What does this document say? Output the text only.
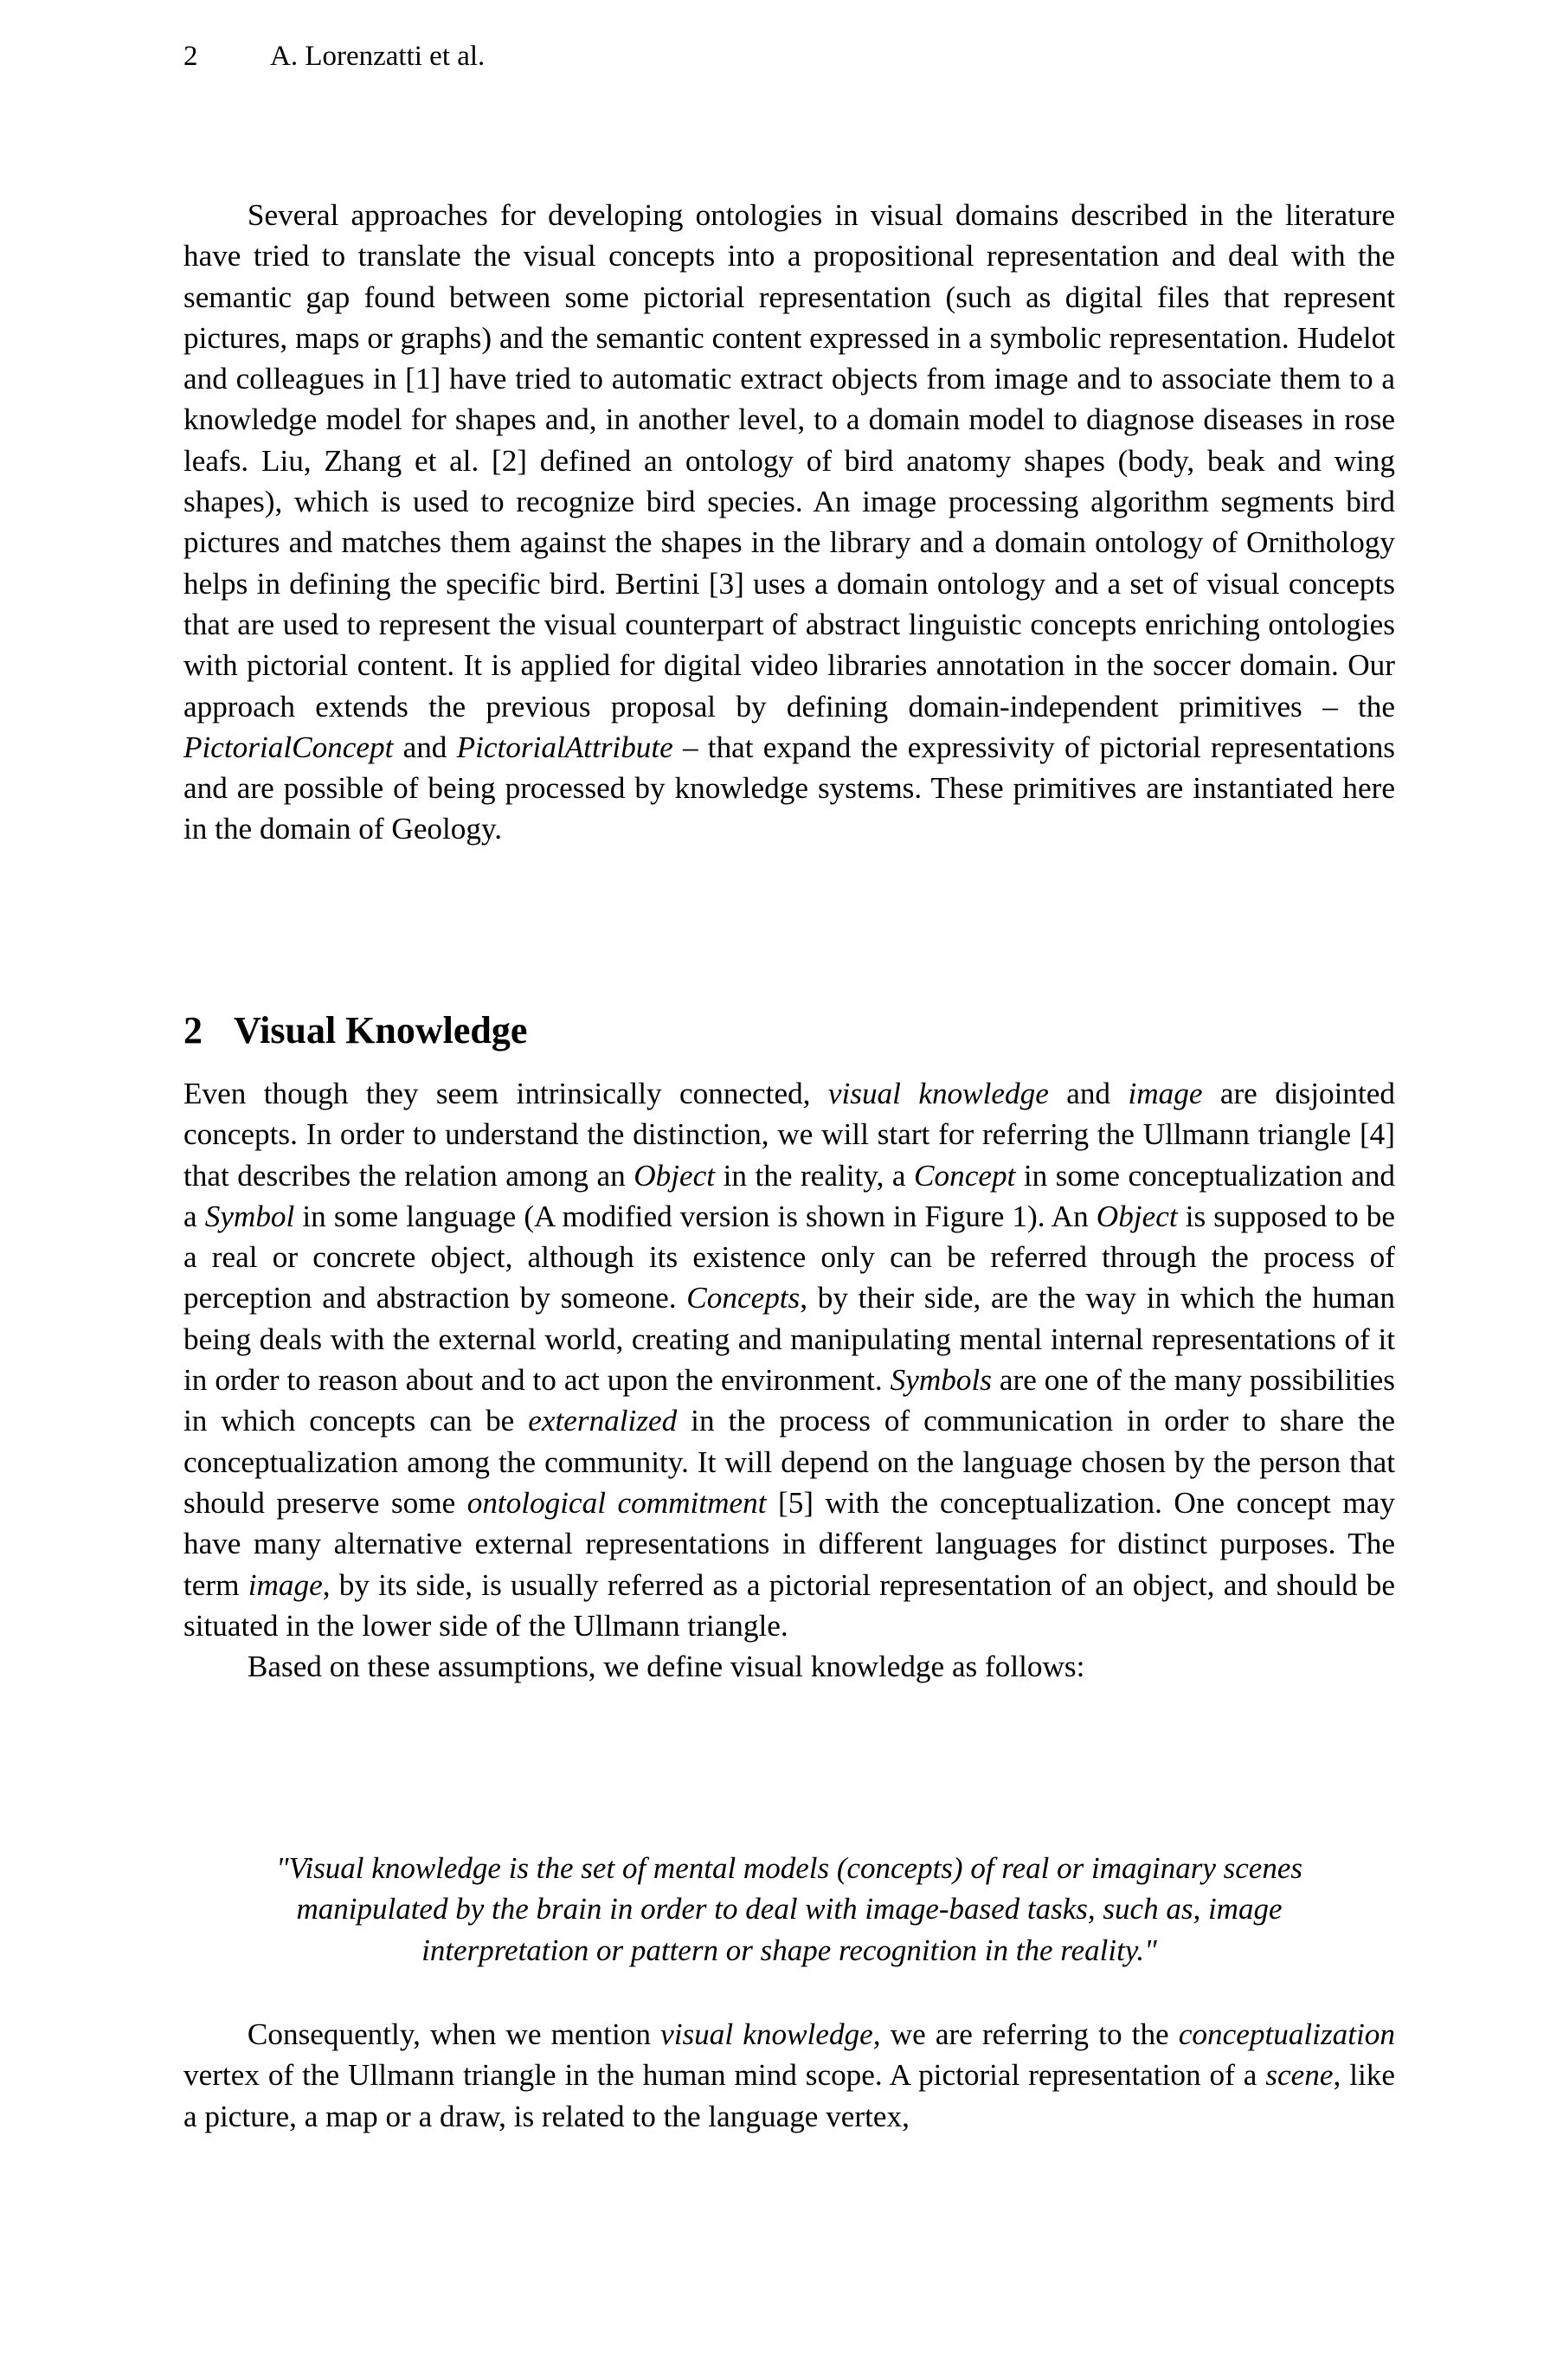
2	A. Lorenzatti et al.

Several approaches for developing ontologies in visual domains described in the literature have tried to translate the visual concepts into a propositional representation and deal with the semantic gap found between some pictorial representation (such as digital files that represent pictures, maps or graphs) and the semantic content expressed in a symbolic representation. Hudelot and colleagues in [1] have tried to automatic extract objects from image and to associate them to a knowledge model for shapes and, in another level, to a domain model to diagnose diseases in rose leafs. Liu, Zhang et al. [2] defined an ontology of bird anatomy shapes (body, beak and wing shapes), which is used to recognize bird species. An image processing algorithm segments bird pictures and matches them against the shapes in the library and a domain ontology of Ornithology helps in defining the specific bird. Bertini [3] uses a domain ontology and a set of visual concepts that are used to represent the visual counterpart of abstract linguistic concepts enriching ontologies with pictorial content. It is applied for digital video libraries annotation in the soccer domain. Our approach extends the previous proposal by defining domain-independent primitives – the PictorialConcept and PictorialAttribute – that expand the expressivity of pictorial representations and are possible of being processed by knowledge systems. These primitives are instantiated here in the domain of Geology.

2 Visual Knowledge

Even though they seem intrinsically connected, visual knowledge and image are disjointed concepts. In order to understand the distinction, we will start for referring the Ullmann triangle [4] that describes the relation among an Object in the reality, a Concept in some conceptualization and a Symbol in some language (A modified version is shown in Figure 1). An Object is supposed to be a real or concrete object, although its existence only can be referred through the process of perception and abstraction by someone. Concepts, by their side, are the way in which the human being deals with the external world, creating and manipulating mental internal representations of it in order to reason about and to act upon the environment. Symbols are one of the many possibilities in which concepts can be externalized in the process of communication in order to share the conceptualization among the community. It will depend on the language chosen by the person that should preserve some ontological commitment [5] with the conceptualization. One concept may have many alternative external representations in different languages for distinct purposes. The term image, by its side, is usually referred as a pictorial representation of an object, and should be situated in the lower side of the Ullmann triangle.

Based on these assumptions, we define visual knowledge as follows:

"Visual knowledge is the set of mental models (concepts) of real or imaginary scenes
manipulated by the brain in order to deal with image-based tasks, such as, image
interpretation or pattern or shape recognition in the reality."

Consequently, when we mention visual knowledge, we are referring to the conceptualization vertex of the Ullmann triangle in the human mind scope. A pictorial representation of a scene, like a picture, a map or a draw, is related to the language vertex,
